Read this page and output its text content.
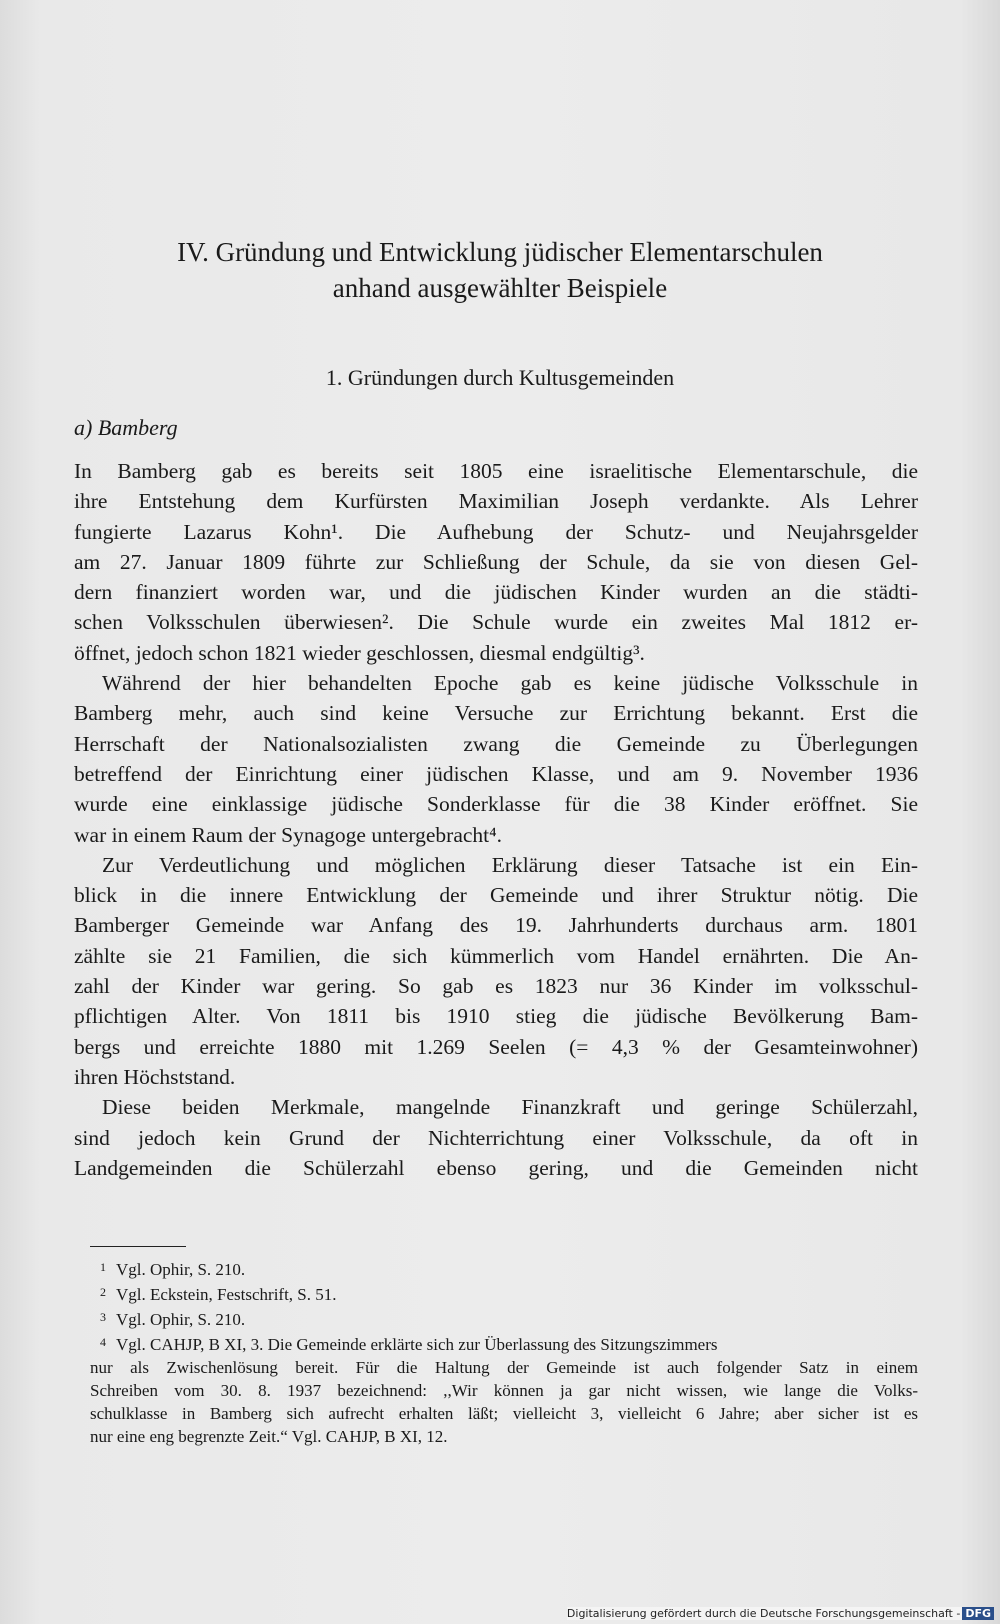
IV. Gründung und Entwicklung jüdischer Elementarschulen
anhand ausgewählter Beispiele
1. Gründungen durch Kultusgemeinden
a) Bamberg
In Bamberg gab es bereits seit 1805 eine israelitische Elementarschule, die
ihre Entstehung dem Kurfürsten Maximilian Joseph verdankte. Als Lehrer
fungierte Lazarus Kohn¹. Die Aufhebung der Schutz- und Neujahrsgelder
am 27. Januar 1809 führte zur Schließung der Schule, da sie von diesen Gel-
dern finanziert worden war, und die jüdischen Kinder wurden an die städti-
schen Volksschulen überwiesen². Die Schule wurde ein zweites Mal 1812 er-
öffnet, jedoch schon 1821 wieder geschlossen, diesmal endgültig³.
Während der hier behandelten Epoche gab es keine jüdische Volksschule in
Bamberg mehr, auch sind keine Versuche zur Errichtung bekannt. Erst die
Herrschaft der Nationalsozialisten zwang die Gemeinde zu Überlegungen
betreffend der Einrichtung einer jüdischen Klasse, und am 9. November 1936
wurde eine einklassige jüdische Sonderklasse für die 38 Kinder eröffnet. Sie
war in einem Raum der Synagoge untergebracht⁴.
Zur Verdeutlichung und möglichen Erklärung dieser Tatsache ist ein Ein-
blick in die innere Entwicklung der Gemeinde und ihrer Struktur nötig. Die
Bamberger Gemeinde war Anfang des 19. Jahrhunderts durchaus arm. 1801
zählte sie 21 Familien, die sich kümmerlich vom Handel ernährten. Die An-
zahl der Kinder war gering. So gab es 1823 nur 36 Kinder im volksschul-
pflichtigen Alter. Von 1811 bis 1910 stieg die jüdische Bevölkerung Bam-
bergs und erreichte 1880 mit 1.269 Seelen (= 4,3 % der Gesamteinwohner)
ihren Höchststand.
Diese beiden Merkmale, mangelnde Finanzkraft und geringe Schülerzahl,
sind jedoch kein Grund der Nichterrichtung einer Volksschule, da oft in
Landgemeinden die Schülerzahl ebenso gering, und die Gemeinden nicht
1 Vgl. Ophir, S. 210.
2 Vgl. Eckstein, Festschrift, S. 51.
3 Vgl. Ophir, S. 210.
4 Vgl. CAHJP, B XI, 3. Die Gemeinde erklärte sich zur Überlassung des Sitzungszimmers
nur als Zwischenlösung bereit. Für die Haltung der Gemeinde ist auch folgender Satz in einem
Schreiben vom 30. 8. 1937 bezeichnend: ,,Wir können ja gar nicht wissen, wie lange die Volks-
schulklasse in Bamberg sich aufrecht erhalten läßt; vielleicht 3, vielleicht 6 Jahre; aber sicher ist es
nur eine eng begrenzte Zeit.“ Vgl. CAHJP, B XI, 12.
Digitalisierung gefördert durch die Deutsche Forschungsgemeinschaft - DFG
